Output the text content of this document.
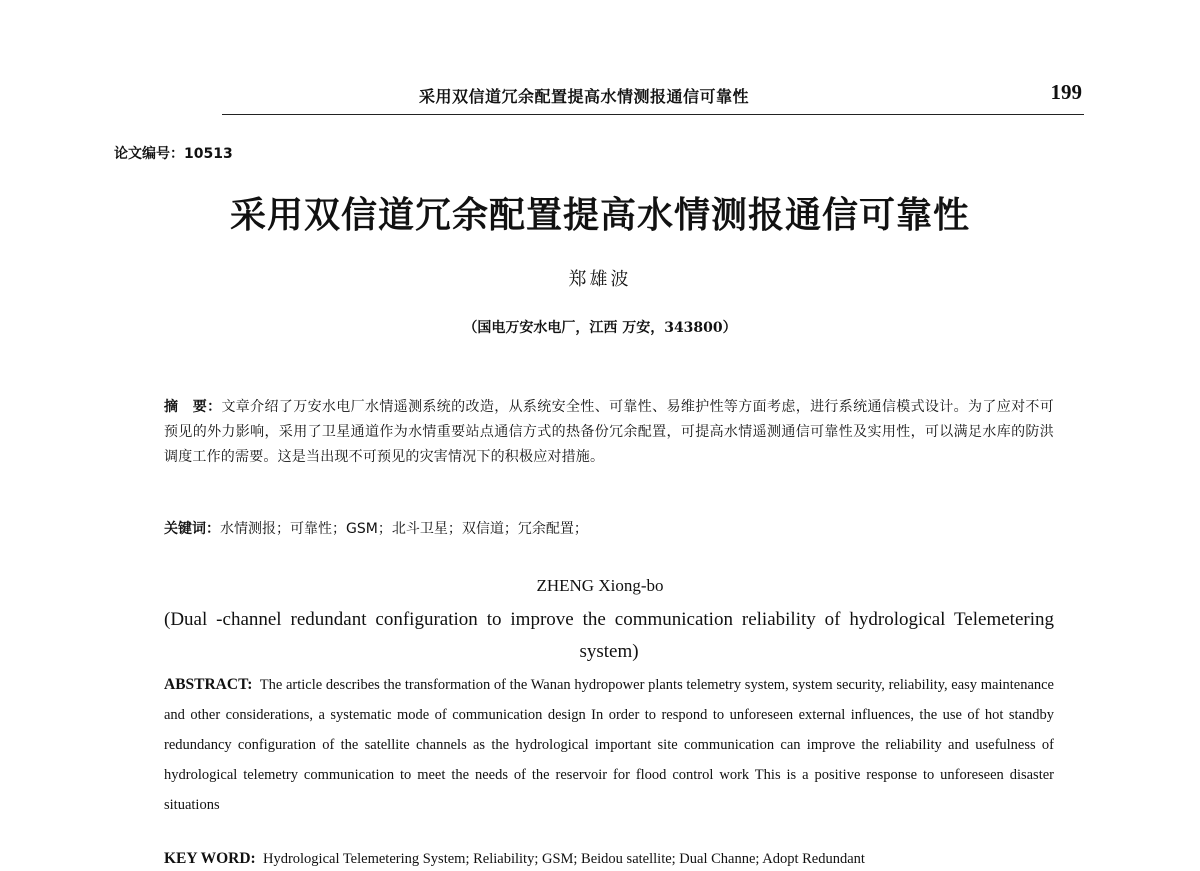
采用双信道冗余配置提高水情测报通信可靠性	199
论文编号：10513
采用双信道冗余配置提高水情测报通信可靠性
郑雄波
（国电万安水电厂，江西 万安，343800）
摘　要：文章介绍了万安水电厂水情遥测系统的改造，从系统安全性、可靠性、易维护性等方面考虑，进行系统通信模式设计。为了应对不可预见的外力影响，采用了卫星通道作为水情重要站点通信方式的热备份冗余配置，可提高水情遥测通信可靠性及实用性，可以满足水库的防洪调度工作的需要。这是当出现不可预见的灾害情况下的积极应对措施。
关键词：水情测报；可靠性；GSM；北斗卫星；双信道；冗余配置；
ZHENG Xiong-bo
(Dual -channel redundant configuration to improve the communication reliability of hydrological Telemetering system)
ABSTRACT: The article describes the transformation of the Wanan hydropower plants telemetry system, system security, reliability, easy maintenance and other considerations, a systematic mode of communication design In order to respond to unforeseen external influences, the use of hot standby redundancy configuration of the satellite channels as the hydrological important site communication can improve the reliability and usefulness of hydrological telemetry communication to meet the needs of the reservoir for flood control work This is a positive response to unforeseen disaster situations
KEY WORD: Hydrological Telemetering System; Reliability; GSM; Beidou satellite; Dual Channe; Adopt Redundant
